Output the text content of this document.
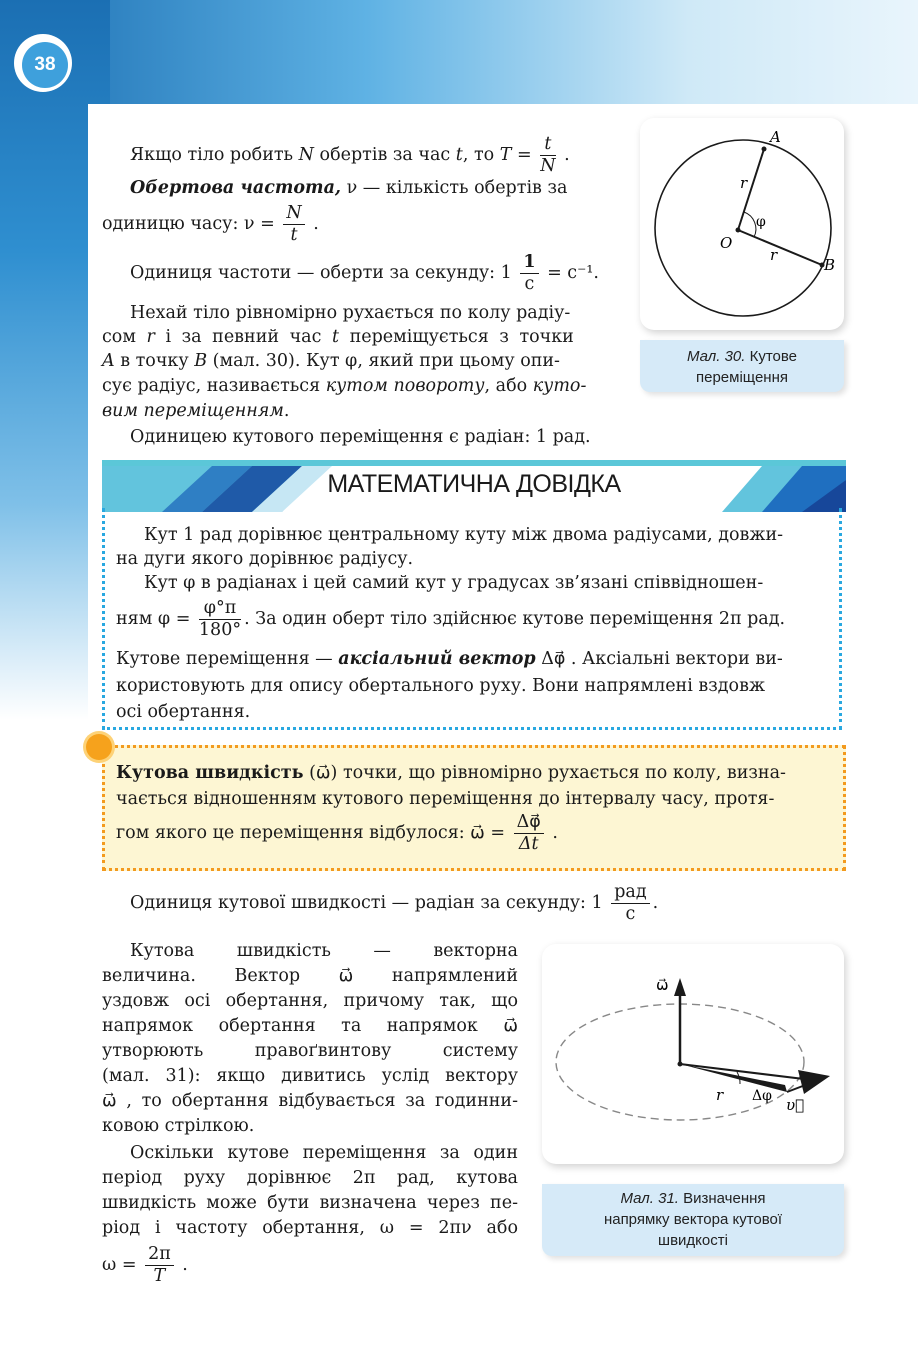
38
Якщо тіло робить N обертів за час t, то $T = \frac{t}{N}$ .
Обертова частота, ν — кількість обертів за
одиницю часу: $\nu = \frac{N}{t}$ .
Одиниця частоти — оберти за секунду: $1 \frac{1}{с} = с^{-1}$.
Нехай тіло рівномірно рухається по колу радіу-
сом r і за певний час t переміщується з точки
A в точку B (мал. 30). Кут φ, який при цьому опи-
сує радіус, називається кутом повороту, або куто-
вим переміщенням.
Одиницею кутового переміщення є радіан: 1 рад.
A
B
O
r
r
φ
Мал. 30. Кутове
переміщення
МАТЕМАТИЧНА ДОВІДКА
Кут 1 рад дорівнює центральному куту між двома радіусами, довжи-
на дуги якого дорівнює радіусу.
Кут φ в радіанах і цей самий кут у градусах зв’язані співвідношен-
ням $\varphi = \frac{\varphi^\circ\pi}{180^\circ}$ . За один оберт тіло здійснює кутове переміщення 2π рад.
Кутове переміщення — аксіальний вектор Δφ⃗ . Аксіальні вектори ви-
користовують для опису обертального руху. Вони напрямлені вздовж
осі обертання.
Кутова швидкість (ω⃗) точки, що рівномірно рухається по колу, визна-
чається відношенням кутового переміщення до інтервалу часу, протя-
гом якого це переміщення відбулося: ω⃗ = $\frac{\Delta\varphi⃗}{\Delta t}$ .
Одиниця кутової швидкості — радіан за секунду: $1 \frac{\text{рад}}{с}$ .
Кутова швидкість — векторна
величина. Вектор ω⃗ напрямлений
уздовж осі обертання, причому так, що
напрямок обертання та напрямок ω⃗
утворюють правоґвинтову систему
(мал. 31): якщо дивитись услід вектору
ω⃗ , то обертання відбувається за годинни-
ковою стрілкою.
Оскільки кутове переміщення за один
період руху дорівнює 2π рад, кутова
швидкість може бути визначена через пе-
ріод і частоту обертання, ω = 2πν або
$\omega = \frac{2\pi}{T}$ .
ω⃗
r Δφ υ⃗
Мал. 31. Визначення
напрямку вектора кутової
швидкості
